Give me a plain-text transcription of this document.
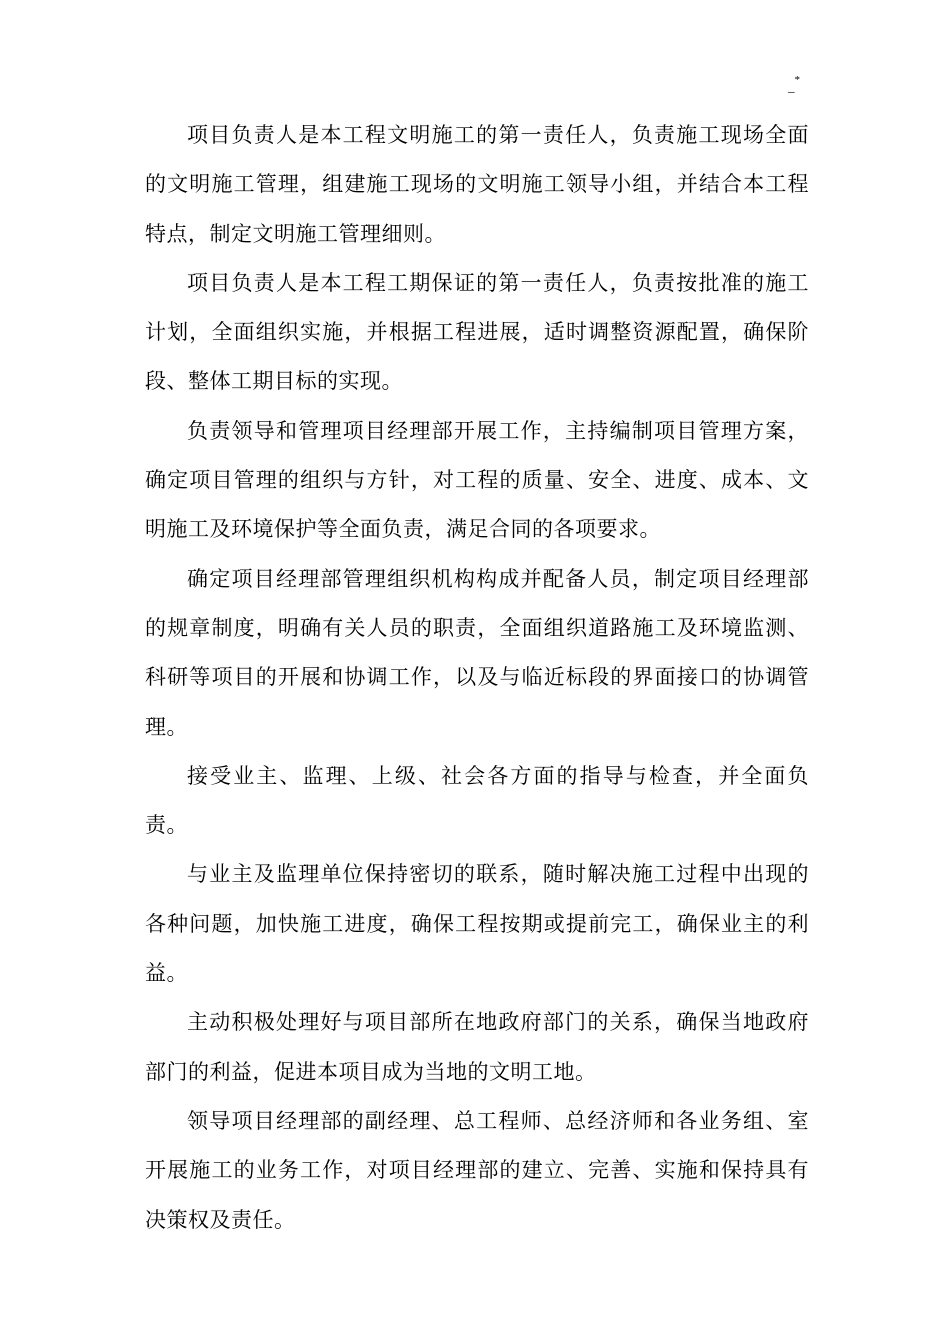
_*

项目负责人是本工程文明施工的第一责任人，负责施工现场全面的文明施工管理，组建施工现场的文明施工领导小组，并结合本工程特点，制定文明施工管理细则。

项目负责人是本工程工期保证的第一责任人，负责按批准的施工计划，全面组织实施，并根据工程进展，适时调整资源配置，确保阶段、整体工期目标的实现。

负责领导和管理项目经理部开展工作，主持编制项目管理方案，确定项目管理的组织与方针，对工程的质量、安全、进度、成本、文明施工及环境保护等全面负责，满足合同的各项要求。

确定项目经理部管理组织机构构成并配备人员，制定项目经理部的规章制度，明确有关人员的职责，全面组织道路施工及环境监测、科研等项目的开展和协调工作，以及与临近标段的界面接口的协调管理。

接受业主、监理、上级、社会各方面的指导与检查，并全面负责。

与业主及监理单位保持密切的联系，随时解决施工过程中出现的各种问题，加快施工进度，确保工程按期或提前完工，确保业主的利益。

主动积极处理好与项目部所在地政府部门的关系，确保当地政府部门的利益，促进本项目成为当地的文明工地。

领导项目经理部的副经理、总工程师、总经济师和各业务组、室开展施工的业务工作，对项目经理部的建立、完善、实施和保持具有决策权及责任。
